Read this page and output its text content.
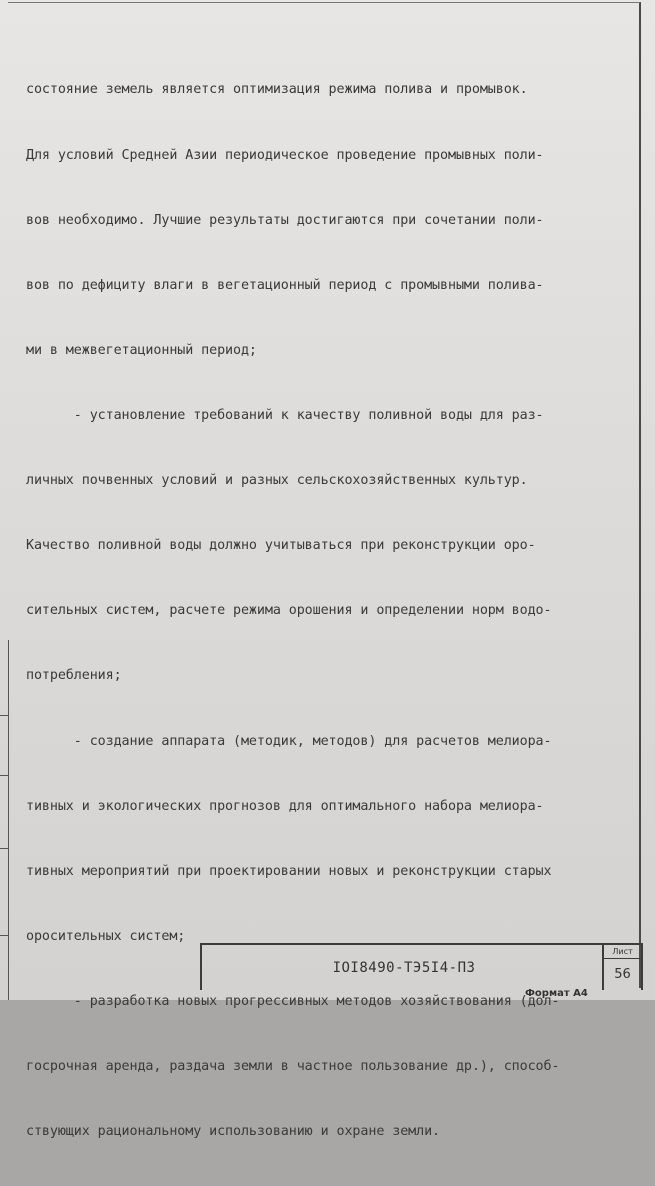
состояние земель является оптимизация режима полива и промывок.

Для условий Средней Азии периодическое проведение промывных поли-

вов необходимо. Лучшие результаты достигаются при сочетании поли-

вов по дефициту влаги в вегетационный период с промывными полива-

ми в межвегетационный период;

- установление требований к качеству поливной воды для раз-

личных почвенных условий и разных сельскохозяйственных культур.

Качество поливной воды должно учитываться при реконструкции оро-

сительных систем, расчете режима орошения и определении норм водо-

потребления;

- создание аппарата (методик, методов) для расчетов мелиора-

тивных и экологических прогнозов для оптимального набора мелиора-

тивных мероприятий при проектировании новых и реконструкции старых

оросительных систем;

- разработка новых прогрессивных методов хозяйствования (дол-

госрочная аренда, раздача земли в частное пользование др.), способ-

ствующих рациональному использованию и охране земли.

IOI8490-ТЭ5I4-ПЗ
Лист
56
Формат А4
